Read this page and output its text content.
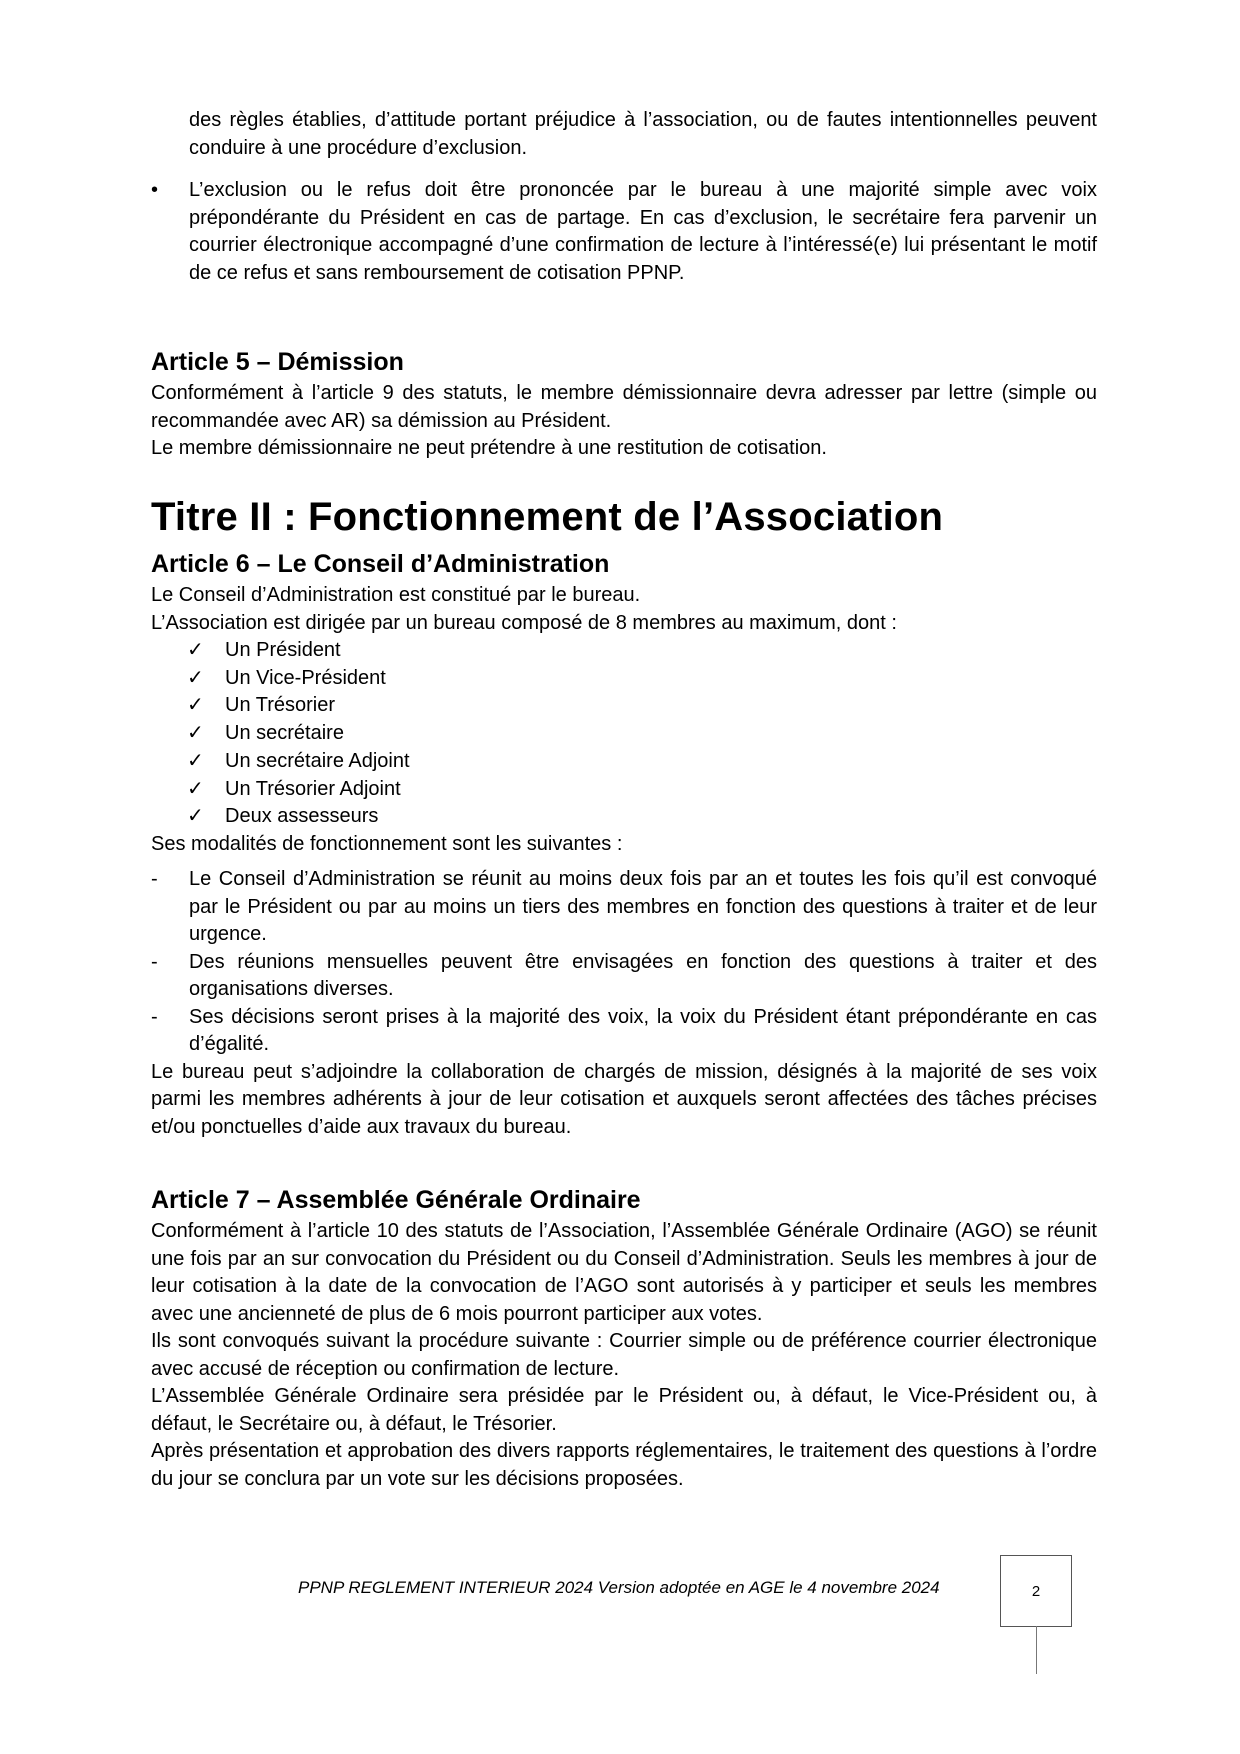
des règles établies, d’attitude portant préjudice à l’association, ou de fautes intentionnelles peuvent conduire à une procédure d’exclusion.

•	L’exclusion ou le refus doit être prononcée par le bureau à une majorité simple avec voix prépondérante du Président en cas de partage. En cas d’exclusion, le secrétaire fera parvenir un courrier électronique accompagné d’une confirmation de lecture à l’intéressé(e) lui présentant le motif de ce refus et sans remboursement de cotisation PPNP.

Article 5 – Démission

Conformément à l’article 9 des statuts, le membre démissionnaire devra adresser par lettre (simple ou recommandée avec AR) sa démission au Président.

Le membre démissionnaire ne peut prétendre à une restitution de cotisation.

Titre II : Fonctionnement de l’Association
Article 6 – Le Conseil d’Administration

Le Conseil d’Administration est constitué par le bureau.

L’Association est dirigée par un bureau composé de 8 membres au maximum, dont :

✓ Un Président
✓ Un Vice-Président
✓ Un Trésorier
✓ Un secrétaire
✓ Un secrétaire Adjoint
✓ Un Trésorier Adjoint
✓ Deux assesseurs

Ses modalités de fonctionnement sont les suivantes :

- Le Conseil d’Administration se réunit au moins deux fois par an et toutes les fois qu’il est convoqué par le Président ou par au moins un tiers des membres en fonction des questions à traiter et de leur urgence.
- Des réunions mensuelles peuvent être envisagées en fonction des questions à traiter et des organisations diverses.
- Ses décisions seront prises à la majorité des voix, la voix du Président étant prépondérante en cas d’égalité.

Le bureau peut s’adjoindre la collaboration de chargés de mission, désignés à la majorité de ses voix parmi les membres adhérents à jour de leur cotisation et auxquels seront affectées des tâches précises et/ou ponctuelles d’aide aux travaux du bureau.

Article 7 – Assemblée Générale Ordinaire

Conformément à l’article 10 des statuts de l’Association, l’Assemblée Générale Ordinaire (AGO) se réunit une fois par an sur convocation du Président ou du Conseil d’Administration. Seuls les membres à jour de leur cotisation à la date de la convocation de l’AGO sont autorisés à y participer et seuls les membres avec une ancienneté de plus de 6 mois pourront participer aux votes.

Ils sont convoqués suivant la procédure suivante : Courrier simple ou de préférence courrier électronique avec accusé de réception ou confirmation de lecture.

L’Assemblée Générale Ordinaire sera présidée par le Président ou, à défaut, le Vice-Président ou, à défaut, le Secrétaire ou, à défaut, le Trésorier.

Après présentation et approbation des divers rapports réglementaires, le traitement des questions à l’ordre du jour se conclura par un vote sur les décisions proposées.

PPNP REGLEMENT INTERIEUR 2024 Version adoptée en AGE le 4 novembre 2024	2
